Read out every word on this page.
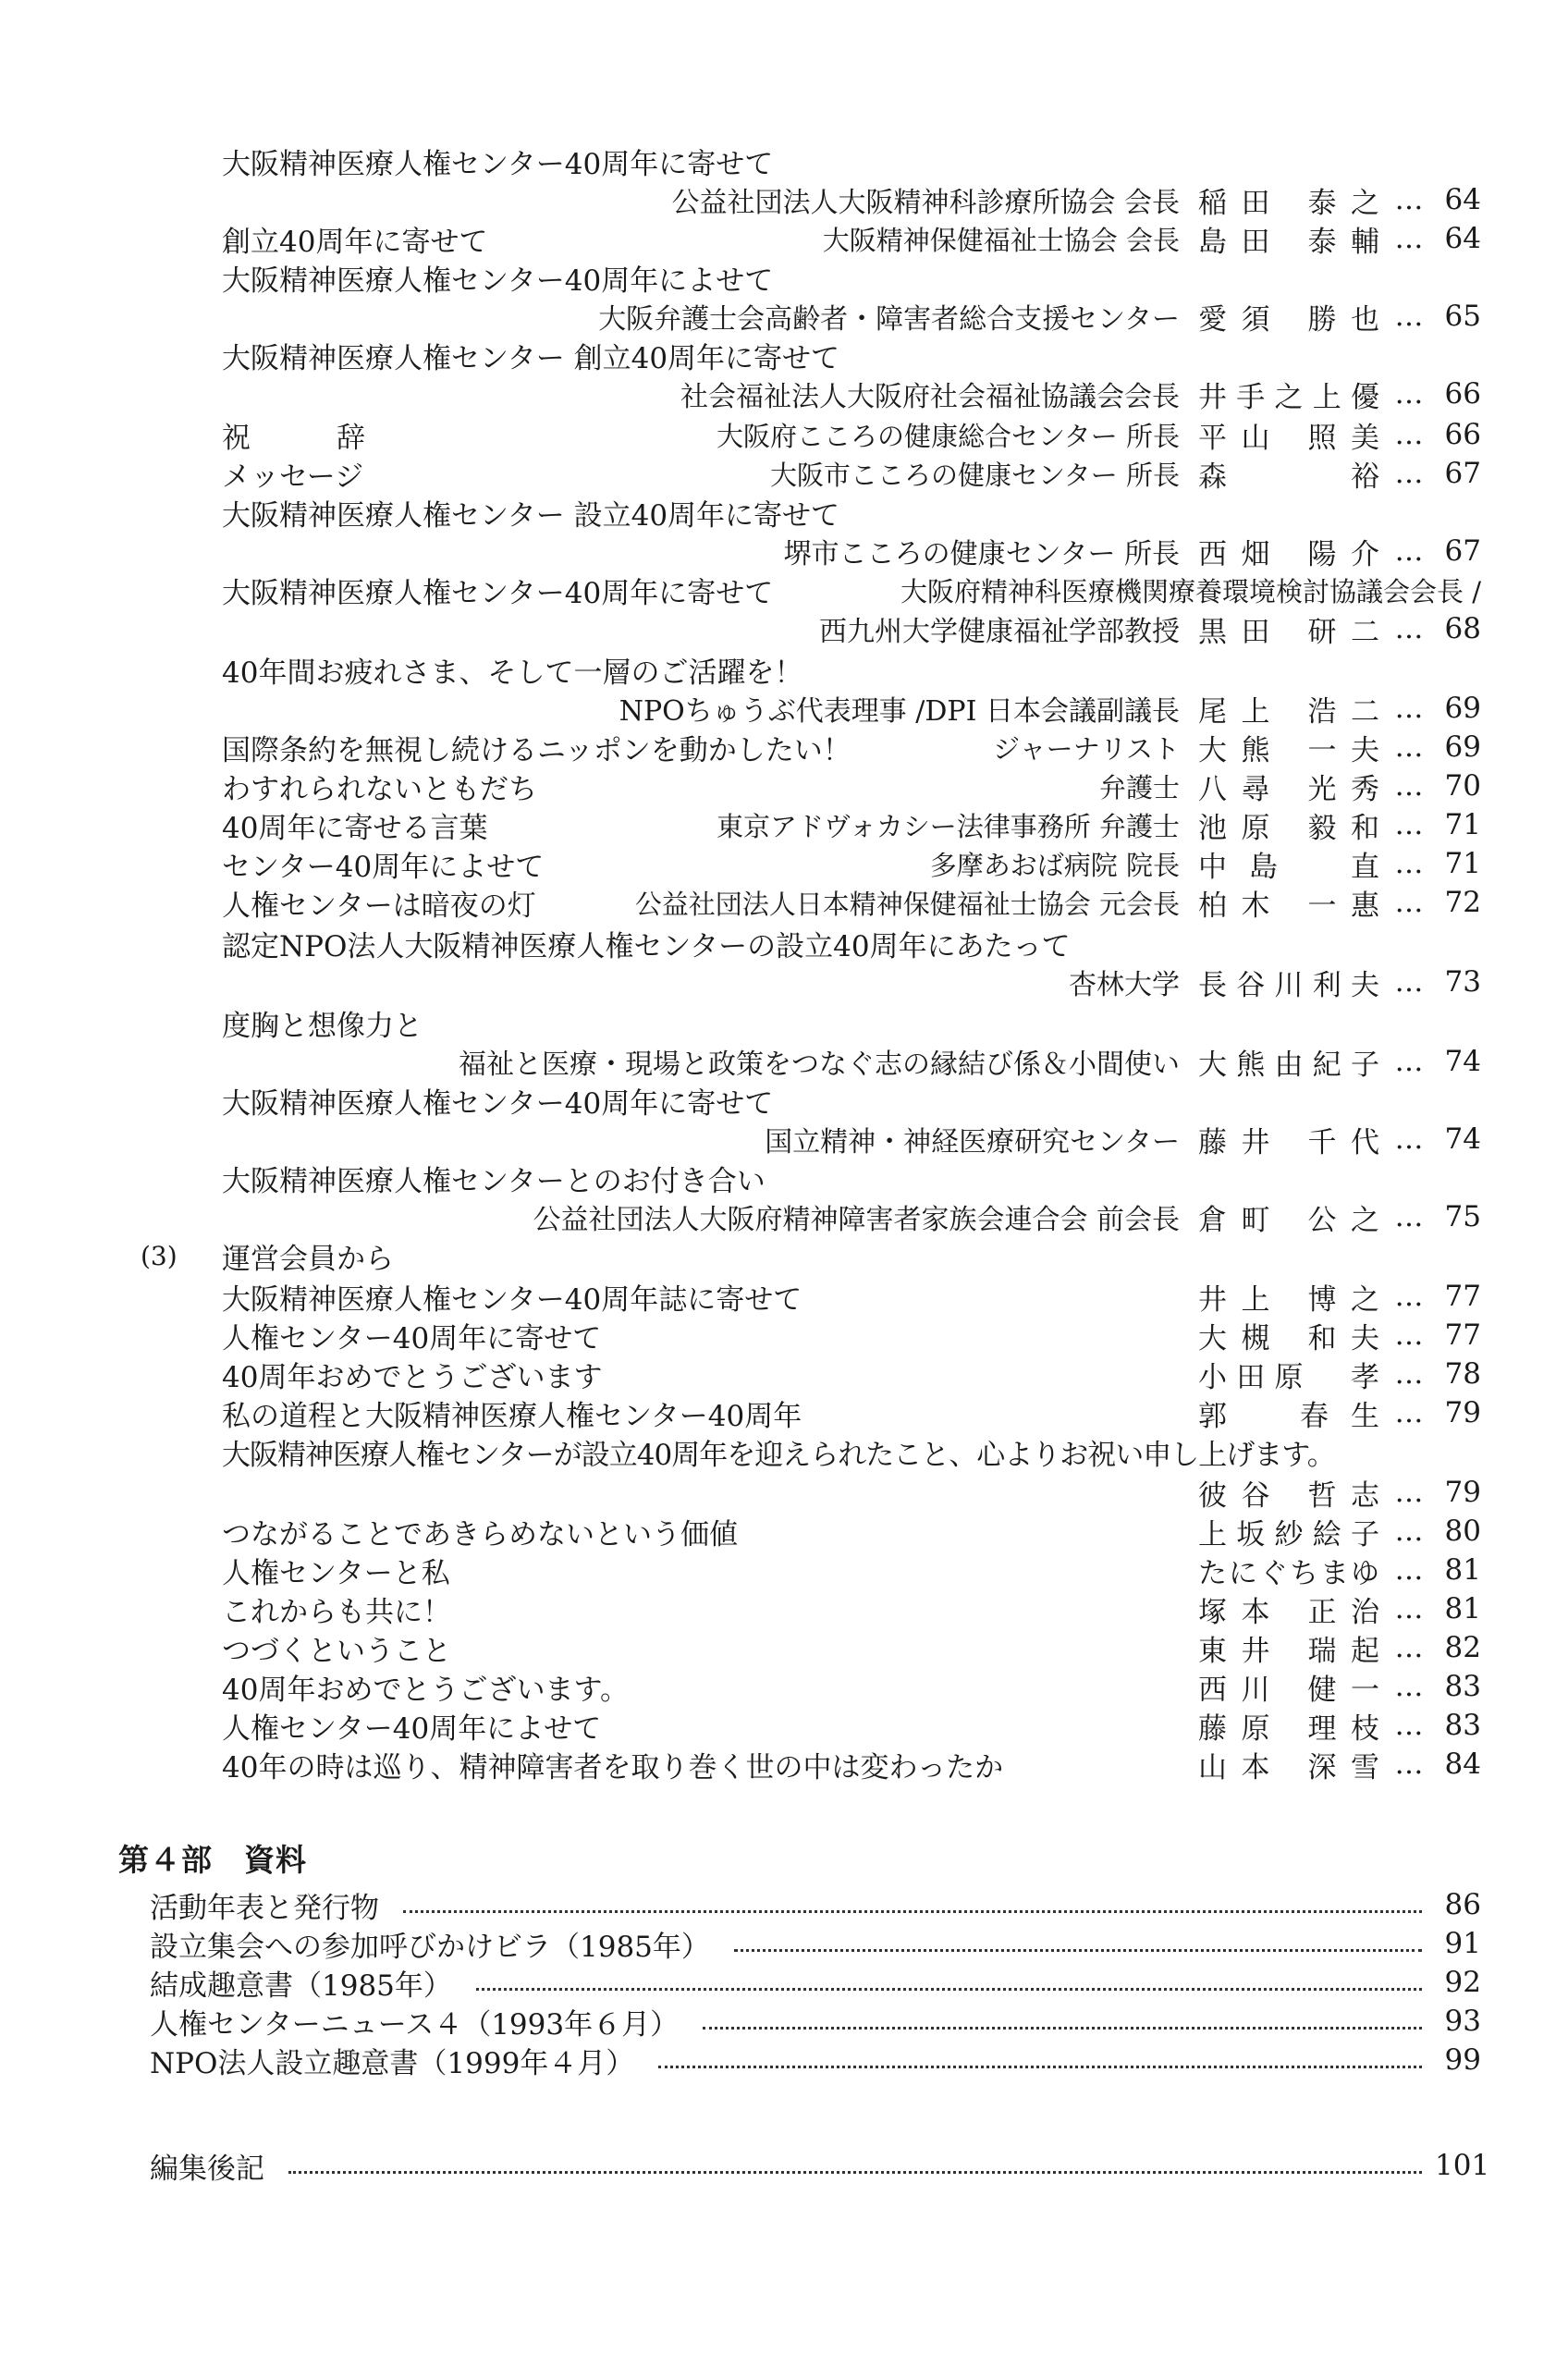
大阪精神医療人権センター40周年に寄せて
公益社団法人大阪精神科診療所協会 会長 稲田 泰之 … 64
創立40周年に寄せて	大阪精神保健福祉士協会 会長 島田 泰輔 … 64
大阪精神医療人権センター40周年によせて
大阪弁護士会高齢者・障害者総合支援センター 愛須 勝也 … 65
大阪精神医療人権センター 創立40周年に寄せて
社会福祉法人大阪府社会福祉協議会会長 井手之上優 … 66
祝　　　辞	大阪府こころの健康総合センター 所長 平山 照美 … 66
メッセージ	大阪市こころの健康センター 所長 森　　裕 … 67
大阪精神医療人権センター 設立40周年に寄せて
堺市こころの健康センター 所長 西畑 陽介 … 67
大阪精神医療人権センター40周年に寄せて	大阪府精神科医療機関療養環境検討協議会会長 /
西九州大学健康福祉学部教授 黒田 研二 … 68
40年間お疲れさま、そして一層のご活躍を！
NPOちゅうぶ代表理事 /DPI 日本会議副議長 尾上 浩二 … 69
国際条約を無視し続けるニッポンを動かしたい！	ジャーナリスト 大熊 一夫 … 69
わすれられないともだち	弁護士 八尋 光秀 … 70
40周年に寄せる言葉	東京アドヴォカシー法律事務所 弁護士 池原 毅和 … 71
センター40周年によせて	多摩あおば病院 院長 中島　直 … 71
人権センターは暗夜の灯	公益社団法人日本精神保健福祉士協会 元会長 柏木 一惠 … 72
認定NPO法人大阪精神医療人権センターの設立40周年にあたって
杏林大学 長谷川利夫 … 73
度胸と想像力と
福祉と医療・現場と政策をつなぐ志の縁結び係＆小間使い 大熊由紀子 … 74
大阪精神医療人権センター40周年に寄せて
国立精神・神経医療研究センター 藤井 千代 … 74
大阪精神医療人権センターとのお付き合い
公益社団法人大阪府精神障害者家族会連合会 前会長 倉町 公之 … 75
(3)	運営会員から
大阪精神医療人権センター40周年誌に寄せて	井上 博之 … 77
人権センター40周年に寄せて	大槻 和夫 … 77
40周年おめでとうございます	小田原　孝 … 78
私の道程と大阪精神医療人権センター40周年	郭　春生 … 79
大阪精神医療人権センターが設立40周年を迎えられたこと、心よりお祝い申し上げます。
彼谷 哲志 … 79
つながることであきらめないという価値	上坂紗絵子 … 80
人権センターと私	たにぐちまゆ … 81
これからも共に！	塚本 正治 … 81
つづくということ	東井 瑞起 … 82
40周年おめでとうございます。	西川 健一 … 83
人権センター40周年によせて	藤原 理枝 … 83
40年の時は巡り、精神障害者を取り巻く世の中は変わったか	山本 深雪 … 84
第４部 資料
活動年表と発行物	86
設立集会への参加呼びかけビラ（1985年）	91
結成趣意書（1985年）	92
人権センターニュース４（1993年６月）	93
NPO法人設立趣意書（1999年４月）	99
編集後記	101
